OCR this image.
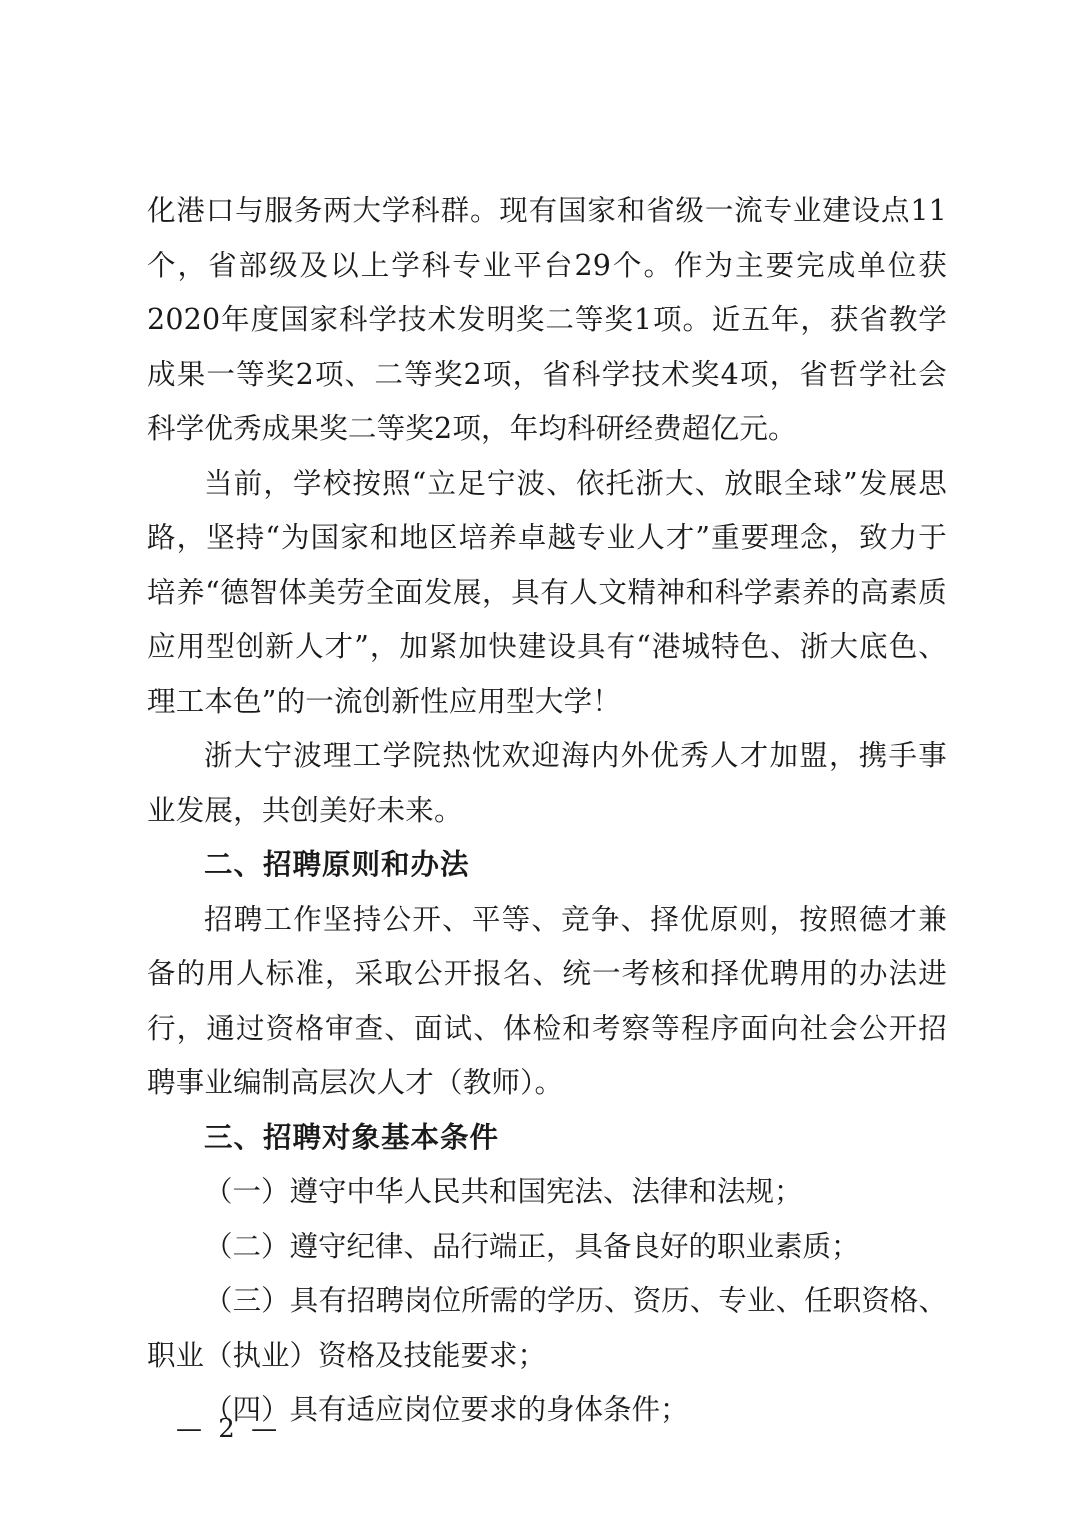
化港口与服务两大学科群。现有国家和省级一流专业建设点11个，省部级及以上学科专业平台29个。作为主要完成单位获2020年度国家科学技术发明奖二等奖1项。近五年，获省教学成果一等奖2项、二等奖2项，省科学技术奖4项，省哲学社会科学优秀成果奖二等奖2项，年均科研经费超亿元。

当前，学校按照“立足宁波、依托浙大、放眼全球”发展思路，坚持“为国家和地区培养卓越专业人才”重要理念，致力于培养“德智体美劳全面发展，具有人文精神和科学素养的高素质应用型创新人才”，加紧加快建设具有“港城特色、浙大底色、理工本色”的一流创新性应用型大学！

浙大宁波理工学院热忱欢迎海内外优秀人才加盟，携手事业发展，共创美好未来。

二、招聘原则和办法

招聘工作坚持公开、平等、竞争、择优原则，按照德才兼备的用人标准，采取公开报名、统一考核和择优聘用的办法进行，通过资格审查、面试、体检和考察等程序面向社会公开招聘事业编制高层次人才（教师）。

三、招聘对象基本条件

（一）遵守中华人民共和国宪法、法律和法规；

（二）遵守纪律、品行端正，具备良好的职业素质；

（三）具有招聘岗位所需的学历、资历、专业、任职资格、职业（执业）资格及技能要求；

（四）具有适应岗位要求的身体条件；

— 2 —
